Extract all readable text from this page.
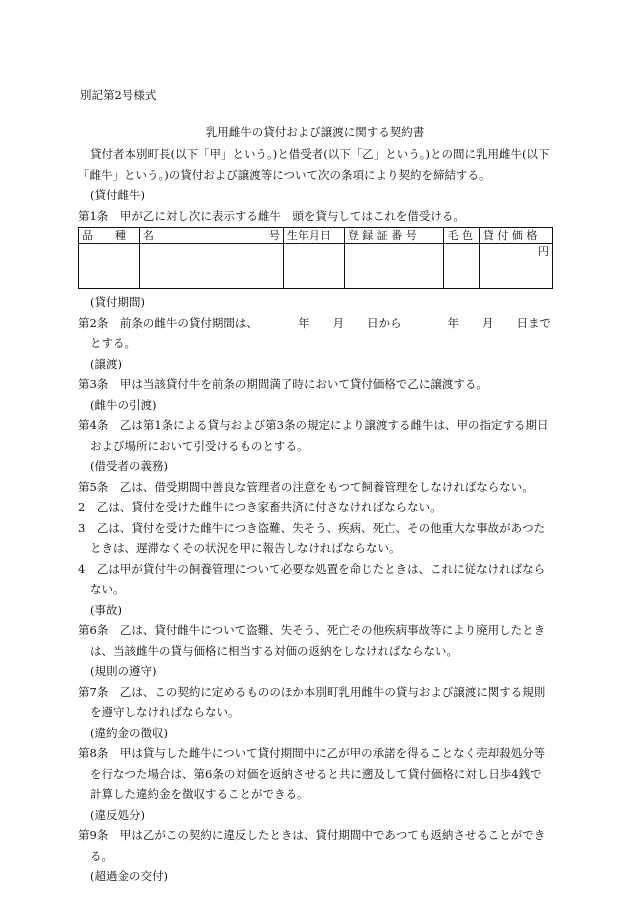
別記第2号様式
乳用雌牛の貸付および譲渡に関する契約書

貸付者本別町長(以下「甲」という。)と借受者(以下「乙」という。)との間に乳用雌牛(以下「雌牛」という。)の貸付および譲渡等について次の条項により契約を締結する。

(貸付雌牛)

第1条　甲が乙に対し次に表示する雌牛　頭を貸与してはこれを借受ける。

品　　種	名 号	生年月日	登 録 証 番 号	毛 色	貸 付 価 格
					円

(貸付期間)

第2条　前条の雌牛の貸付期間は、　　　　年　　月　　日から　　　　年　　月　　日までとする。

(譲渡)

第3条　甲は当該貸付牛を前条の期間満了時において貸付価格で乙に譲渡する。

(雌牛の引渡)

第4条　乙は第1条による貸与および第3条の規定により譲渡する雌牛は、甲の指定する期日および場所において引受けるものとする。

(借受者の義務)

第5条　乙は、借受期間中善良な管理者の注意をもつて飼養管理をしなければならない。

2　乙は、貸付を受けた雌牛につき家畜共済に付さなければならない。

3　乙は、貸付を受けた雌牛につき盗難、失そう、疾病、死亡、その他重大な事故があつたときは、遅滞なくその状況を甲に報告しなければならない。

4　乙は甲が貸付牛の飼養管理について必要な処置を命じたときは、これに従なければならない。

(事故)

第6条　乙は、貸付雌牛について盗難、失そう、死亡その他疾病事故等により廃用したときは、当該雌牛の貸与価格に相当する対価の返納をしなければならない。

(規則の遵守)

第7条　乙は、この契約に定めるもののほか本別町乳用雌牛の貸与および譲渡に関する規則を遵守しなければならない。

(違約金の徴収)

第8条　甲は貸与した雌牛について貸付期間中に乙が甲の承諾を得ることなく売却殺処分等を行なつた場合は、第6条の対価を返納させると共に遡及して貸付価格に対し日歩4銭で計算した違約金を徴収することができる。

(違反処分)

第9条　甲は乙がこの契約に違反したときは、貸付期間中であつても返納させることができる。

(超過金の交付)
